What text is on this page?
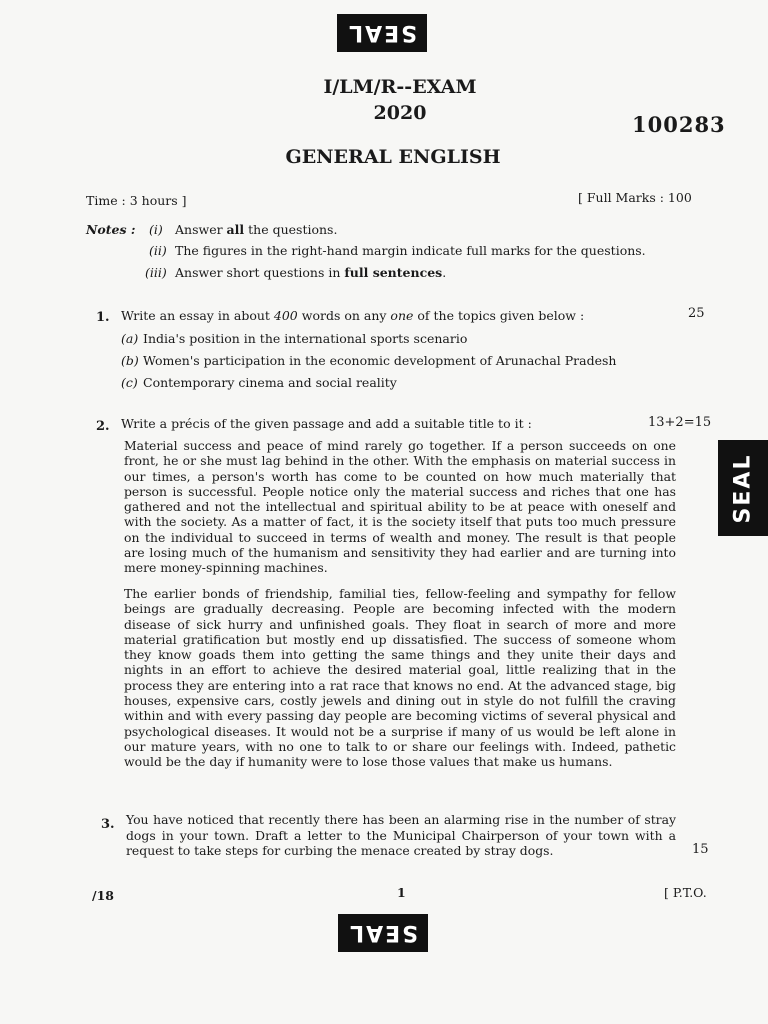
SEAL
SEAL
SEAL
I/LM/R--EXAM
2020	100283
GENERAL ENGLISH
Time : 3 hours ]	[ Full Marks : 100
Notes : (i) Answer all the questions.
(ii) The figures in the right-hand margin indicate full marks for the questions.
(iii) Answer short questions in full sentences.
1. Write an essay in about 400 words on any one of the topics given below :	25
(a) India's position in the international sports scenario
(b) Women's participation in the economic development of Arunachal Pradesh
(c) Contemporary cinema and social reality
2. Write a précis of the given passage and add a suitable title to it :	13+2=15
Material success and peace of mind rarely go together. If a person succeeds on one front, he or she must lag behind in the other. With the emphasis on material success in our times, a person's worth has come to be counted on how much materially that person is successful. People notice only the material success and riches that one has gathered and not the intellectual and spiritual ability to be at peace with oneself and with the society. As a matter of fact, it is the society itself that puts too much pressure on the individual to succeed in terms of wealth and money. The result is that people are losing much of the humanism and sensitivity they had earlier and are turning into mere money-spinning machines.
The earlier bonds of friendship, familial ties, fellow-feeling and sympathy for fellow beings are gradually decreasing. People are becoming infected with the modern disease of sick hurry and unfinished goals. They float in search of more and more material gratification but mostly end up dissatisfied. The success of someone whom they know goads them into getting the same things and they unite their days and nights in an effort to achieve the desired material goal, little realizing that in the process they are entering into a rat race that knows no end. At the advanced stage, big houses, expensive cars, costly jewels and dining out in style do not fulfill the craving within and with every passing day people are becoming victims of several physical and psychological diseases. It would not be a surprise if many of us would be left alone in our mature years, with no one to talk to or share our feelings with. Indeed, pathetic would be the day if humanity were to lose those values that make us humans.
3. You have noticed that recently there has been an alarming rise in the number of stray dogs in your town. Draft a letter to the Municipal Chairperson of your town with a request to take steps for curbing the menace created by stray dogs.	15
/18	1	[ P.T.O.
